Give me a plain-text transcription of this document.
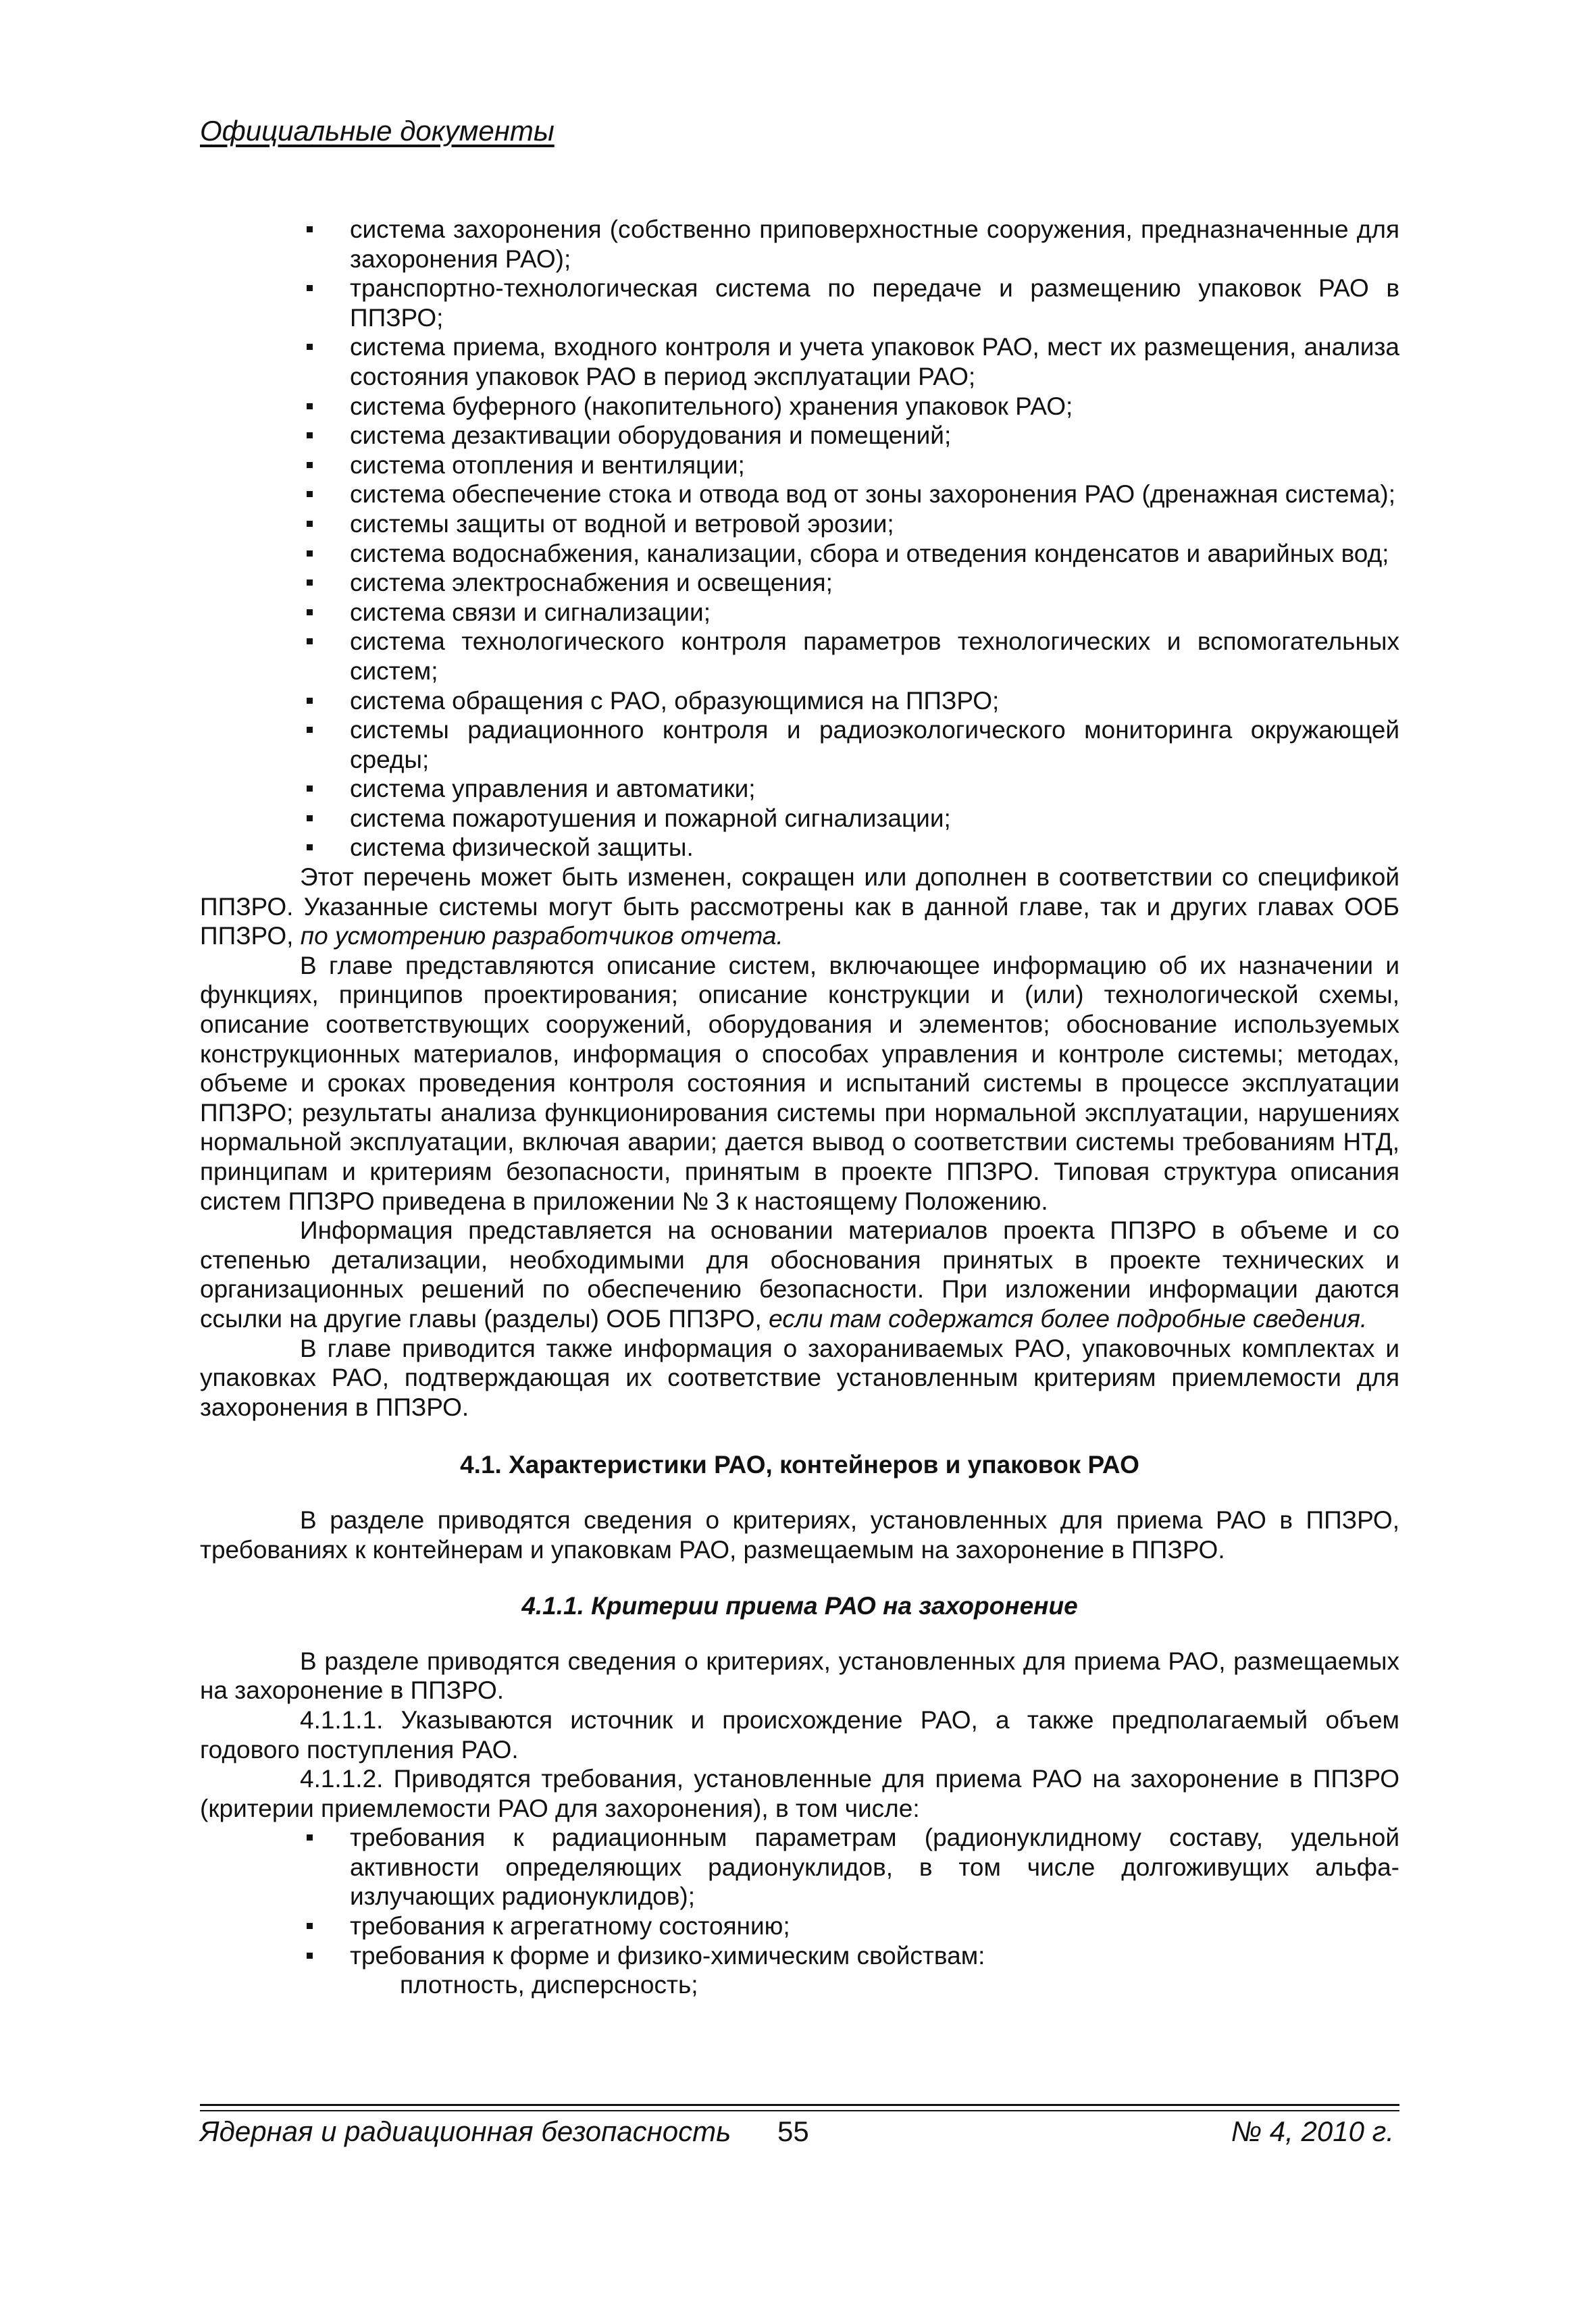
Официальные документы
система захоронения (собственно приповерхностные сооружения, предназначенные для захоронения РАО);
транспортно-технологическая система по передаче и размещению упаковок РАО в ППЗРО;
система приема, входного контроля и учета упаковок РАО, мест их размещения, анализа состояния упаковок РАО в период эксплуатации РАО;
система буферного (накопительного) хранения упаковок РАО;
система дезактивации оборудования и помещений;
система отопления и вентиляции;
система обеспечение стока и отвода вод от зоны захоронения РАО (дренажная система);
системы защиты от водной и ветровой эрозии;
система водоснабжения, канализации, сбора и отведения конденсатов и аварийных вод;
система электроснабжения и освещения;
система связи и сигнализации;
система технологического контроля параметров технологических и вспомогательных систем;
система обращения с РАО, образующимися на ППЗРО;
системы радиационного контроля и радиоэкологического мониторинга окружающей среды;
система управления и автоматики;
система пожаротушения и пожарной сигнализации;
система физической защиты.

Этот перечень может быть изменен, сокращен или дополнен в соответствии со спецификой ППЗРО. Указанные системы могут быть рассмотрены как в данной главе, так и других главах ООБ ППЗРО, по усмотрению разработчиков отчета.

В главе представляются описание систем, включающее информацию об их назначении и функциях, принципов проектирования; описание конструкции и (или) технологической схемы, описание соответствующих сооружений, оборудования и элементов; обоснование используемых конструкционных материалов, информация о способах управления и контроле системы; методах, объеме и сроках проведения контроля состояния и испытаний системы в процессе эксплуатации ППЗРО; результаты анализа функционирования системы при нормальной эксплуатации, нарушениях нормальной эксплуатации, включая аварии; дается вывод о соответствии системы требованиям НТД, принципам и критериям безопасности, принятым в проекте ППЗРО. Типовая структура описания систем ППЗРО приведена в приложении № 3 к настоящему Положению.

Информация представляется на основании материалов проекта ППЗРО в объеме и со степенью детализации, необходимыми для обоснования принятых в проекте технических и организационных решений по обеспечению безопасности. При изложении информации даются ссылки на другие главы (разделы) ООБ ППЗРО, если там содержатся более подробные сведения.

В главе приводится также информация о захораниваемых РАО, упаковочных комплектах и упаковках РАО, подтверждающая их соответствие установленным критериям приемлемости для захоронения в ППЗРО.

4.1. Характеристики РАО, контейнеров и упаковок РАО

В разделе приводятся сведения о критериях, установленных для приема РАО в ППЗРО, требованиях к контейнерам и упаковкам РАО, размещаемым на захоронение в ППЗРО.

4.1.1. Критерии приема РАО на захоронение

В разделе приводятся сведения о критериях, установленных для приема РАО, размещаемых на захоронение в ППЗРО.

4.1.1.1. Указываются источник и происхождение РАО, а также предполагаемый объем годового поступления РАО.

4.1.1.2. Приводятся требования, установленные для приема РАО на захоронение в ППЗРО (критерии приемлемости РАО для захоронения), в том числе:

требования к радиационным параметрам (радионуклидному составу, удельной активности определяющих радионуклидов, в том числе долгоживущих альфа-излучающих радионуклидов);
требования к агрегатному состоянию;
требования к форме и физико-химическим свойствам:
плотность, дисперсность;
Ядерная и радиационная безопасность 55	№ 4, 2010 г.
